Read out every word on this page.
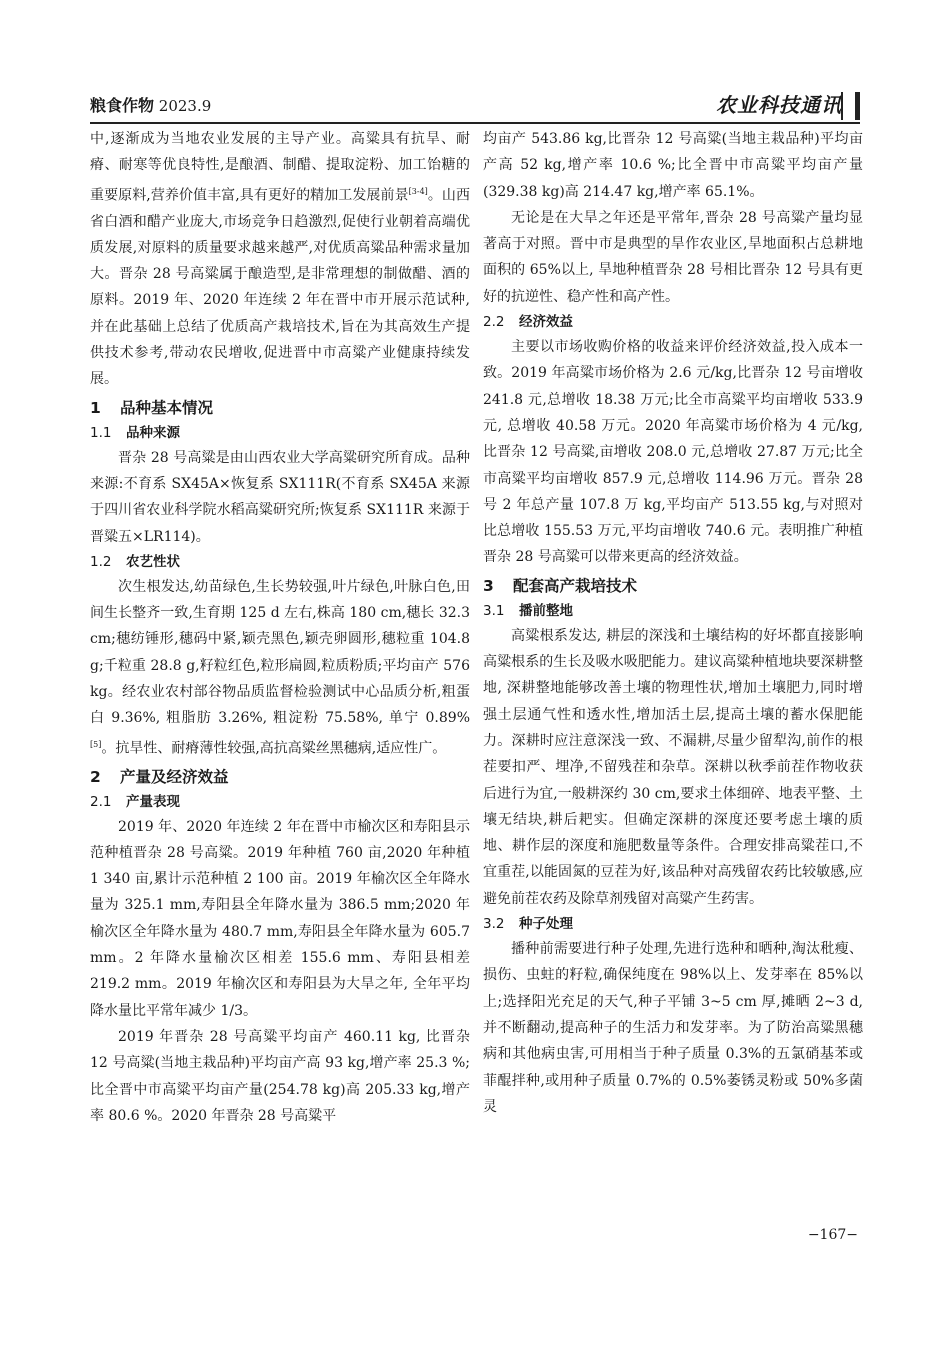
粮食作物 2023.9	农业科技通讯

中,逐渐成为当地农业发展的主导产业。高粱具有抗旱、耐瘠、耐寒等优良特性,是酿酒、制醋、提取淀粉、加工饴糖的重要原料,营养价值丰富,具有更好的精加工发展前景[3-4]。山西省白酒和醋产业庞大,市场竞争日趋激烈,促使行业朝着高端优质发展,对原料的质量要求越来越严,对优质高粱品种需求量加大。晋杂 28 号高粱属于酿造型,是非常理想的制做醋、酒的原料。2019 年、2020 年连续 2 年在晋中市开展示范试种,并在此基础上总结了优质高产栽培技术,旨在为其高效生产提供技术参考,带动农民增收,促进晋中市高粱产业健康持续发展。

1 品种基本情况
1.1 品种来源

晋杂 28 号高粱是由山西农业大学高粱研究所育成。品种来源:不育系 SX45A×恢复系 SX111R(不育系 SX45A 来源于四川省农业科学院水稻高粱研究所;恢复系 SX111R 来源于晋粱五×LR114)。

1.2 农艺性状

次生根发达,幼苗绿色,生长势较强,叶片绿色,叶脉白色,田间生长整齐一致,生育期 125 d 左右,株高 180 cm,穗长 32.3 cm;穗纺锤形,穗码中紧,颖壳黑色,颖壳卵圆形,穗粒重 104.8 g;千粒重 28.8 g,籽粒红色,粒形扁圆,粒质粉质;平均亩产 576 kg。经农业农村部谷物品质监督检验测试中心品质分析,粗蛋白 9.36%, 粗脂肪 3.26%, 粗淀粉 75.58%, 单宁 0.89%[5]。抗旱性、耐瘠薄性较强,高抗高粱丝黑穗病,适应性广。

2 产量及经济效益
2.1 产量表现

2019 年、2020 年连续 2 年在晋中市榆次区和寿阳县示范种植晋杂 28 号高粱。2019 年种植 760 亩,2020 年种植 1 340 亩,累计示范种植 2 100 亩。2019 年榆次区全年降水量为 325.1 mm,寿阳县全年降水量为 386.5 mm;2020 年榆次区全年降水量为 480.7 mm,寿阳县全年降水量为 605.7 mm。2 年降水量榆次区相差 155.6 mm、寿阳县相差 219.2 mm。2019 年榆次区和寿阳县为大旱之年, 全年平均降水量比平常年减少 1/3。

2019 年晋杂 28 号高粱平均亩产 460.11 kg, 比晋杂 12 号高粱(当地主栽品种)平均亩产高 93 kg,增产率 25.3 %;比全晋中市高粱平均亩产量(254.78 kg)高 205.33 kg,增产率 80.6 %。2020 年晋杂 28 号高粱平

均亩产 543.86 kg,比晋杂 12 号高粱(当地主栽品种)平均亩产高 52 kg,增产率 10.6 %;比全晋中市高粱平均亩产量(329.38 kg)高 214.47 kg,增产率 65.1%。

无论是在大旱之年还是平常年,晋杂 28 号高粱产量均显著高于对照。晋中市是典型的旱作农业区,旱地面积占总耕地面积的 65%以上, 旱地种植晋杂 28 号相比晋杂 12 号具有更好的抗逆性、稳产性和高产性。

2.2 经济效益

主要以市场收购价格的收益来评价经济效益,投入成本一致。2019 年高粱市场价格为 2.6 元/kg,比晋杂 12 号亩增收 241.8 元,总增收 18.38 万元;比全市高粱平均亩增收 533.9 元, 总增收 40.58 万元。2020 年高粱市场价格为 4 元/kg,比晋杂 12 号高粱,亩增收 208.0 元,总增收 27.87 万元;比全市高粱平均亩增收 857.9 元,总增收 114.96 万元。晋杂 28 号 2 年总产量 107.8 万 kg,平均亩产 513.55 kg,与对照对比总增收 155.53 万元,平均亩增收 740.6 元。表明推广种植晋杂 28 号高粱可以带来更高的经济效益。

3 配套高产栽培技术
3.1 播前整地

高粱根系发达, 耕层的深浅和土壤结构的好坏都直接影响高粱根系的生长及吸水吸肥能力。建议高粱种植地块要深耕整地, 深耕整地能够改善土壤的物理性状,增加土壤肥力,同时增强土层通气性和透水性,增加活土层,提高土壤的蓄水保肥能力。深耕时应注意深浅一致、不漏耕,尽量少留犁沟,前作的根茬要扣严、埋净,不留残茬和杂草。深耕以秋季前茬作物收获后进行为宜,一般耕深约 30 cm,要求土体细碎、地表平整、土壤无结块,耕后耙实。但确定深耕的深度还要考虑土壤的质地、耕作层的深度和施肥数量等条件。合理安排高粱茬口,不宜重茬,以能固氮的豆茬为好,该品种对高残留农药比较敏感,应避免前茬农药及除草剂残留对高粱产生药害。

3.2 种子处理

播种前需要进行种子处理,先进行选种和晒种,淘汰秕瘦、损伤、虫蛀的籽粒,确保纯度在 98%以上、发芽率在 85%以上;选择阳光充足的天气,种子平铺 3~5 cm 厚,摊晒 2~3 d,并不断翻动,提高种子的生活力和发芽率。为了防治高粱黑穗病和其他病虫害,可用相当于种子质量 0.3%的五氯硝基苯或菲醌拌种,或用种子质量 0.7%的 0.5%萎锈灵粉或 50%多菌灵

−167−
